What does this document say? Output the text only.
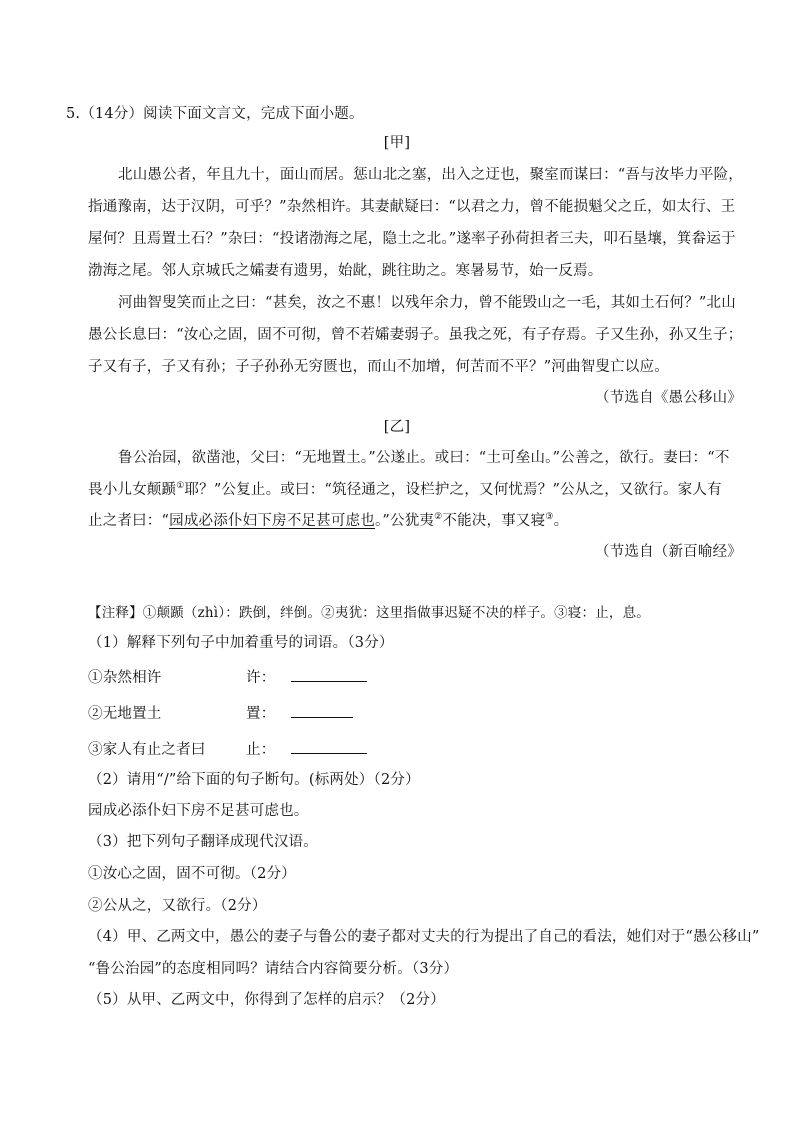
5.（14分）阅读下面文言文，完成下面小题。
[甲]
北山愚公者，年且九十，面山而居。惩山北之塞，出入之迂也，聚室而谋曰：“吾与汝毕力平险，
指通豫南，达于汉阴，可乎？”杂然相许。其妻献疑曰：“以君之力，曾不能损魁父之丘，如太行、王
屋何？且焉置土石？”杂曰：“投诸渤海之尾，隐土之北。”遂率子孙荷担者三夫，叩石垦壤，箕畚运于
渤海之尾。邻人京城氏之孀妻有遗男，始龀，跳往助之。寒暑易节，始一反焉。
河曲智叟笑而止之曰：“甚矣，汝之不惠！以残年余力，曾不能毁山之一毛，其如土石何？”北山
愚公长息曰：“汝心之固，固不可彻，曾不若孀妻弱子。虽我之死，有子存焉。子又生孙，孙又生子；
子又有子，子又有孙；子子孙孙无穷匮也，而山不加增，何苦而不平？”河曲智叟亡以应。
（节选自《愚公移山》
[乙]
鲁公治园，欲凿池，父曰：“无地置土。”公遂止。或曰：“土可垒山。”公善之，欲行。妻曰：“不
畏小儿女颠踬①耶？”公复止。或曰：“筑径通之，设栏护之，又何忧焉？”公从之，又欲行。家人有
止之者曰：“园成必添仆妇下房不足甚可虑也。”公犹夷②不能决，事又寝③。
（节选自（新百喻经》
【注释】①颠踬（zhì）：跌倒，绊倒。②夷犹：这里指做事迟疑不决的样子。③寝：止，息。
（1）解释下列句子中加着重号的词语。（3分）
①杂然相许	许：
②无地置土	置：
③家人有止之者曰	止：
（2）请用“/”给下面的句子断句。(标两处）（2分）
园成必添仆妇下房不足甚可虑也。
（3）把下列句子翻译成现代汉语。
①汝心之固，固不可彻。（2分）
②公从之，又欲行。（2分）
（4）甲、乙两文中，愚公的妻子与鲁公的妻子都对丈夫的行为提出了自己的看法，她们对于“愚公移山”
“鲁公治园”的态度相同吗？请结合内容简要分析。（3分）
（5）从甲、乙两文中，你得到了怎样的启示？（2分）
